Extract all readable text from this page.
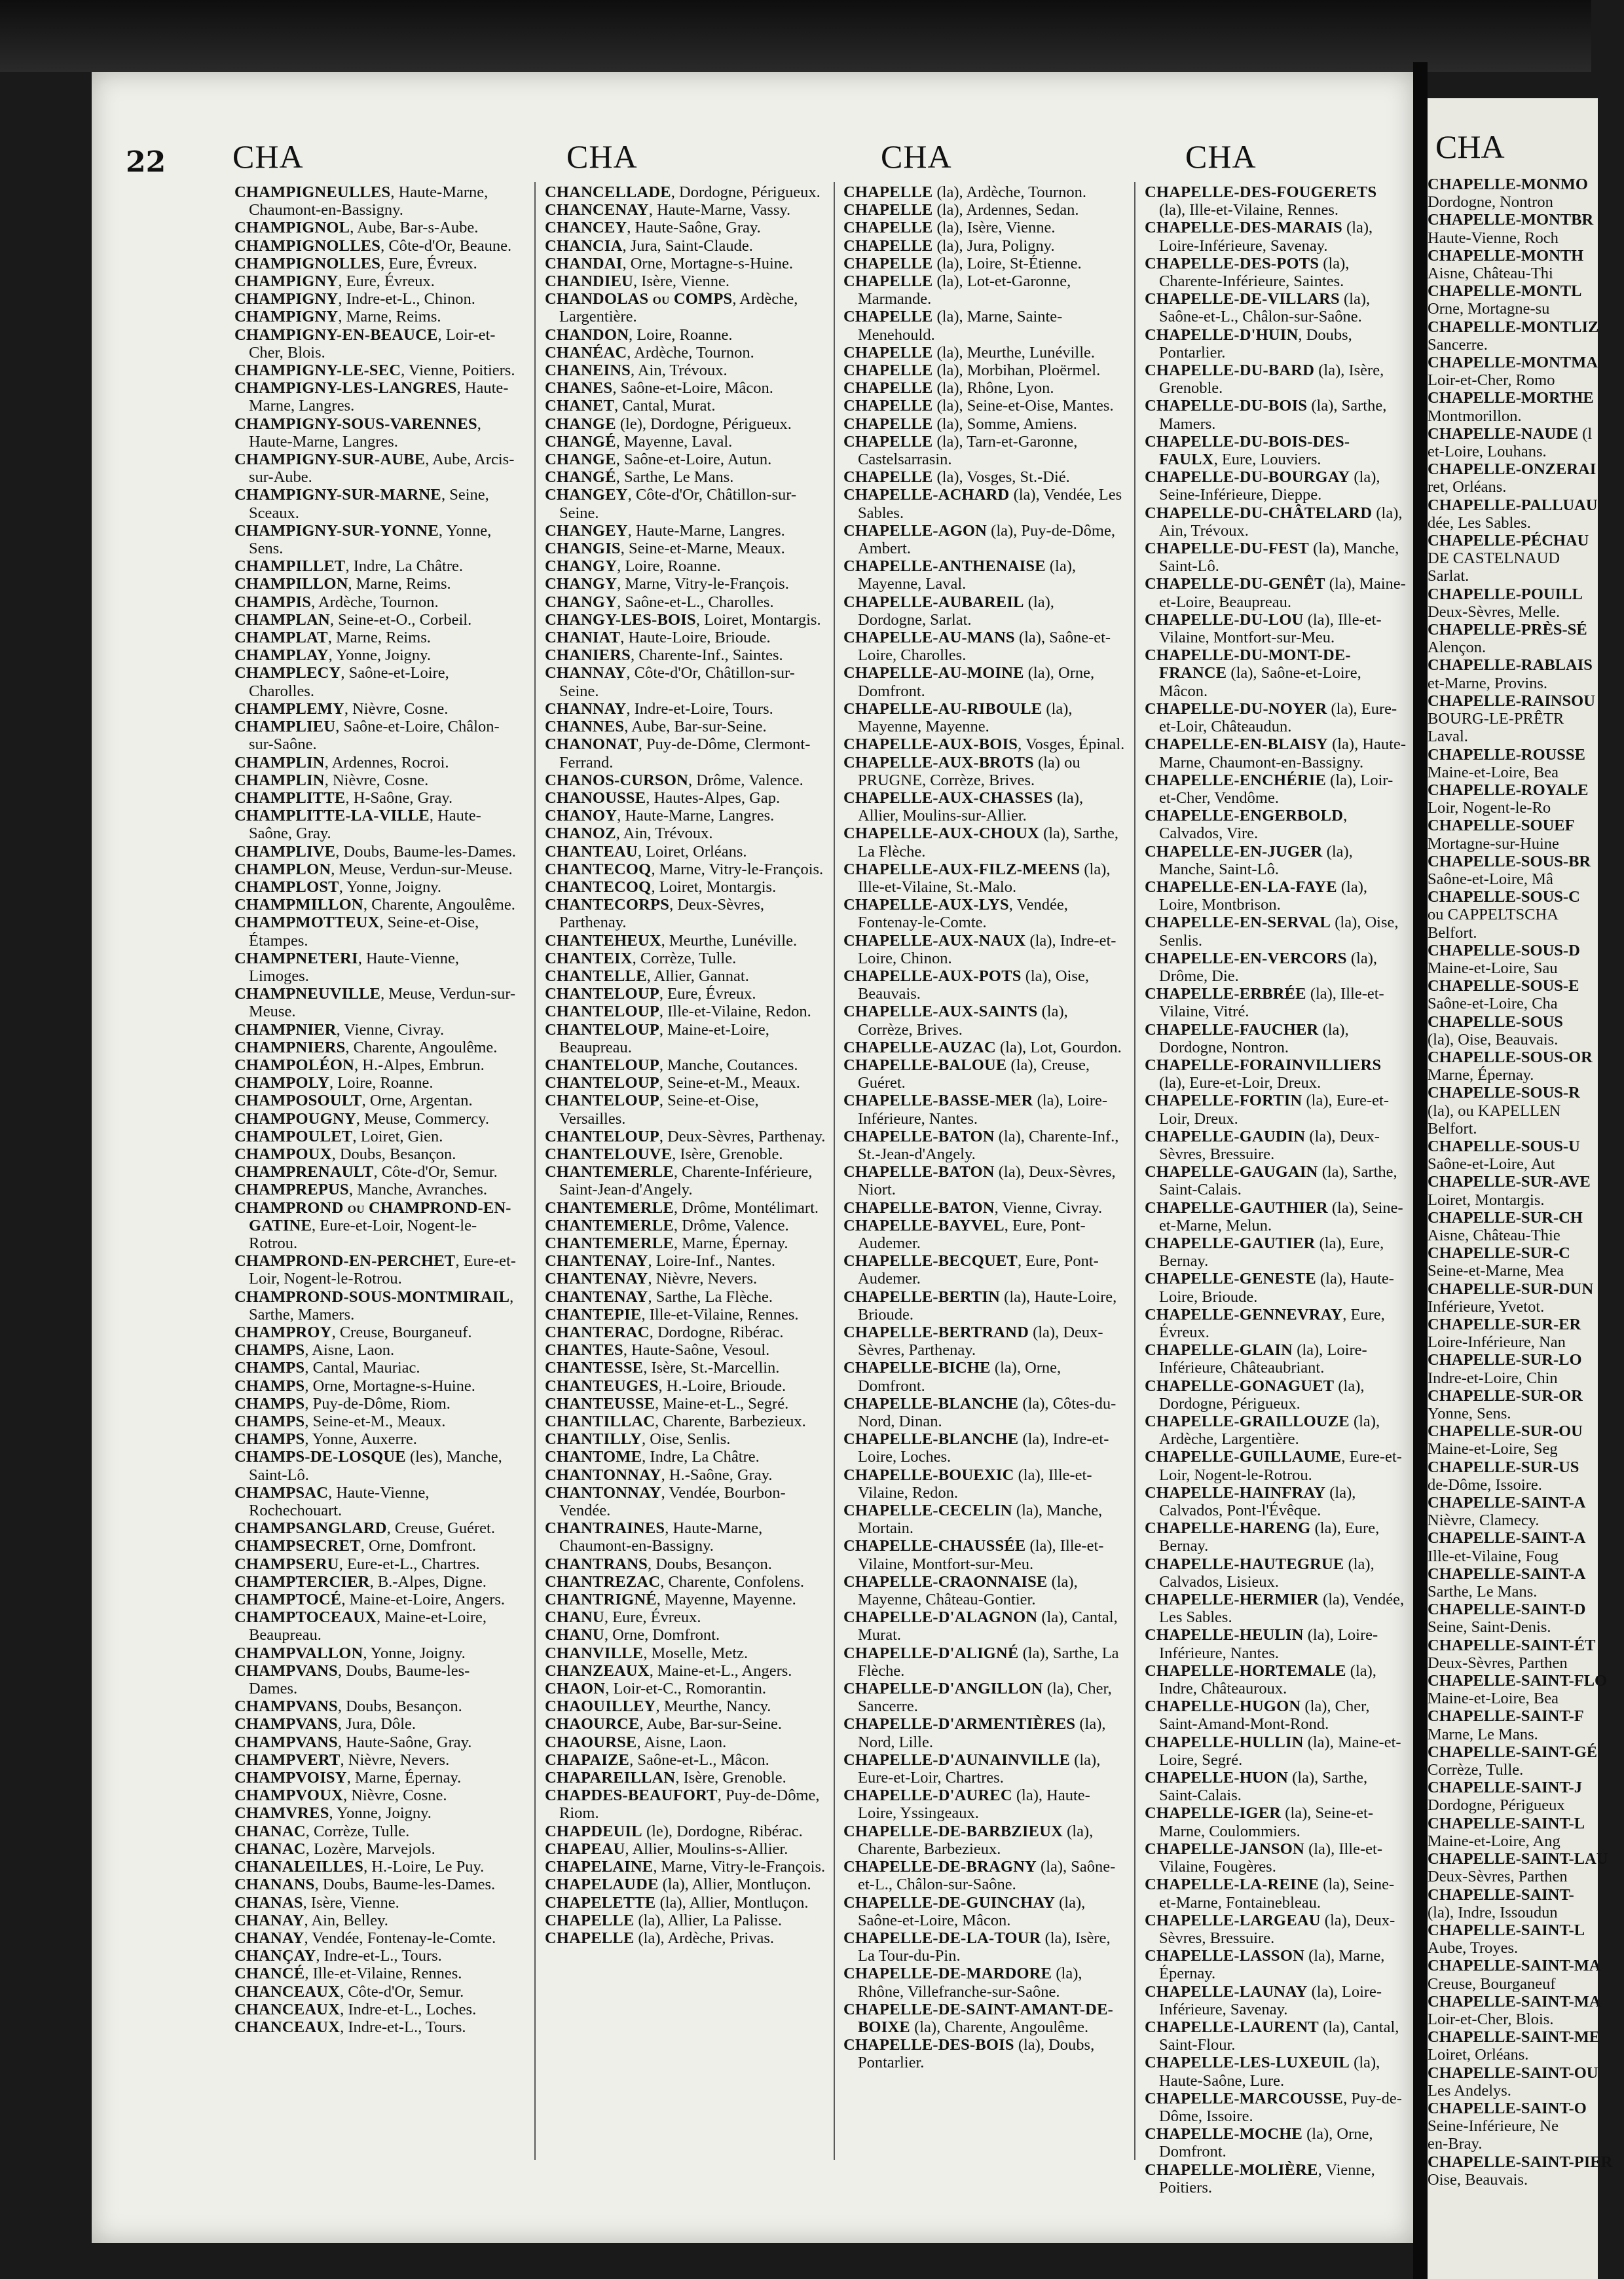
22 CHA	CHA	CHA	CHA

CHAMPIGNEULLES, Haute-Marne, Chaumont-en-Bassigny.

CHAMPIGNOL, Aube, Bar-s-Aube.

CHAMPIGNOLLES, Côte-d'Or, Beaune.

CHAMPIGNOLLES, Eure, Évreux.

CHAMPIGNY, Eure, Évreux.

CHAMPIGNY, Indre-et-L., Chinon.

CHAMPIGNY, Marne, Reims.

CHAMPIGNY-EN-BEAUCE, Loir-et-Cher, Blois.

CHAMPIGNY-LE-SEC, Vienne, Poitiers.

CHAMPIGNY-LES-LANGRES, Haute-Marne, Langres.

CHAMPIGNY-SOUS-VARENNES, Haute-Marne, Langres.

CHAMPIGNY-SUR-AUBE, Aube, Arcis-sur-Aube.

CHAMPIGNY-SUR-MARNE, Seine, Sceaux.

CHAMPIGNY-SUR-YONNE, Yonne, Sens.

CHAMPILLET, Indre, La Châtre.

CHAMPILLON, Marne, Reims.

CHAMPIS, Ardèche, Tournon.

CHAMPLAN, Seine-et-O., Corbeil.

CHAMPLAT, Marne, Reims.

CHAMPLAY, Yonne, Joigny.

CHAMPLECY, Saône-et-Loire, Charolles.

CHAMPLEMY, Nièvre, Cosne.

CHAMPLIEU, Saône-et-Loire, Châlon-sur-Saône.

CHAMPLIN, Ardennes, Rocroi.

CHAMPLIN, Nièvre, Cosne.

CHAMPLITTE, H-Saône, Gray.

CHAMPLITTE-LA-VILLE, Haute-Saône, Gray.

CHAMPLIVE, Doubs, Baume-les-Dames.

CHAMPLON, Meuse, Verdun-sur-Meuse.

CHAMPLOST, Yonne, Joigny.

CHAMPMILLON, Charente, Angoulême.

CHAMPMOTTEUX, Seine-et-Oise, Étampes.

CHAMPNETERI, Haute-Vienne, Limoges.

CHAMPNEUVILLE, Meuse, Verdun-sur-Meuse.

CHAMPNIER, Vienne, Civray.

CHAMPNIERS, Charente, Angoulême.

CHAMPOLÉON, H.-Alpes, Embrun.

CHAMPOLY, Loire, Roanne.

CHAMPOSOULT, Orne, Argentan.

CHAMPOUGNY, Meuse, Commercy.

CHAMPOULET, Loiret, Gien.

CHAMPOUX, Doubs, Besançon.

CHAMPRENAULT, Côte-d'Or, Semur.

CHAMPREPUS, Manche, Avranches.

CHAMPROND ou CHAMPROND-EN-GATINE, Eure-et-Loir, Nogent-le-Rotrou.

CHAMPROND-EN-PERCHET, Eure-et-Loir, Nogent-le-Rotrou.

CHAMPROND-SOUS-MONTMIRAIL, Sarthe, Mamers.

CHAMPROY, Creuse, Bourganeuf.

CHAMPS, Aisne, Laon.

CHAMPS, Cantal, Mauriac.

CHAMPS, Orne, Mortagne-s-Huine.

CHAMPS, Puy-de-Dôme, Riom.

CHAMPS, Seine-et-M., Meaux.

CHAMPS, Yonne, Auxerre.

CHAMPS-DE-LOSQUE (les), Manche, Saint-Lô.

CHAMPSAC, Haute-Vienne, Rochechouart.

CHAMPSANGLARD, Creuse, Guéret.

CHAMPSECRET, Orne, Domfront.

CHAMPSERU, Eure-et-L., Chartres.

CHAMPTERCIER, B.-Alpes, Digne.

CHAMPTOCÉ, Maine-et-Loire, Angers.

CHAMPTOCEAUX, Maine-et-Loire, Beaupreau.

CHAMPVALLON, Yonne, Joigny.

CHAMPVANS, Doubs, Baume-les-Dames.

CHAMPVANS, Doubs, Besançon.

CHAMPVANS, Jura, Dôle.

CHAMPVANS, Haute-Saône, Gray.

CHAMPVERT, Nièvre, Nevers.

CHAMPVOISY, Marne, Épernay.

CHAMPVOUX, Nièvre, Cosne.

CHAMVRES, Yonne, Joigny.

CHANAC, Corrèze, Tulle.

CHANAC, Lozère, Marvejols.

CHANALEILLES, H.-Loire, Le Puy.

CHANANS, Doubs, Baume-les-Dames.

CHANAS, Isère, Vienne.

CHANAY, Ain, Belley.

CHANAY, Vendée, Fontenay-le-Comte.

CHANÇAY, Indre-et-L., Tours.

CHANCÉ, Ille-et-Vilaine, Rennes.

CHANCEAUX, Côte-d'Or, Semur.

CHANCEAUX, Indre-et-L., Loches.

CHANCEAUX, Indre-et-L., Tours.

CHANCELLADE, Dordogne, Périgueux.

CHANCENAY, Haute-Marne, Vassy.

CHANCEY, Haute-Saône, Gray.

CHANCIA, Jura, Saint-Claude.

CHANDAI, Orne, Mortagne-s-Huine.

CHANDIEU, Isère, Vienne.

CHANDOLAS ou COMPS, Ardèche, Largentière.

CHANDON, Loire, Roanne.

CHANÉAC, Ardèche, Tournon.

CHANEINS, Ain, Trévoux.

CHANES, Saône-et-Loire, Mâcon.

CHANET, Cantal, Murat.

CHANGE (le), Dordogne, Périgueux.

CHANGÉ, Mayenne, Laval.

CHANGE, Saône-et-Loire, Autun.

CHANGÉ, Sarthe, Le Mans.

CHANGEY, Côte-d'Or, Châtillon-sur-Seine.

CHANGEY, Haute-Marne, Langres.

CHANGIS, Seine-et-Marne, Meaux.

CHANGY, Loire, Roanne.

CHANGY, Marne, Vitry-le-François.

CHANGY, Saône-et-L., Charolles.

CHANGY-LES-BOIS, Loiret, Montargis.

CHANIAT, Haute-Loire, Brioude.

CHANIERS, Charente-Inf., Saintes.

CHANNAY, Côte-d'Or, Châtillon-sur-Seine.

CHANNAY, Indre-et-Loire, Tours.

CHANNES, Aube, Bar-sur-Seine.

CHANONAT, Puy-de-Dôme, Clermont-Ferrand.

CHANOS-CURSON, Drôme, Valence.

CHANOUSSE, Hautes-Alpes, Gap.

CHANOY, Haute-Marne, Langres.

CHANOZ, Ain, Trévoux.

CHANTEAU, Loiret, Orléans.

CHANTECOQ, Marne, Vitry-le-François.

CHANTECOQ, Loiret, Montargis.

CHANTECORPS, Deux-Sèvres, Parthenay.

CHANTEHEUX, Meurthe, Lunéville.

CHANTEIX, Corrèze, Tulle.

CHANTELLE, Allier, Gannat.

CHANTELOUP, Eure, Évreux.

CHANTELOUP, Ille-et-Vilaine, Redon.

CHANTELOUP, Maine-et-Loire, Beaupreau.

CHANTELOUP, Manche, Coutances.

CHANTELOUP, Seine-et-M., Meaux.

CHANTELOUP, Seine-et-Oise, Versailles.

CHANTELOUP, Deux-Sèvres, Parthenay.

CHANTELOUVE, Isère, Grenoble.

CHANTEMERLE, Charente-Inférieure, Saint-Jean-d'Angely.

CHANTEMERLE, Drôme, Montélimart.

CHANTEMERLE, Drôme, Valence.

CHANTEMERLE, Marne, Épernay.

CHANTENAY, Loire-Inf., Nantes.

CHANTENAY, Nièvre, Nevers.

CHANTENAY, Sarthe, La Flèche.

CHANTEPIE, Ille-et-Vilaine, Rennes.

CHANTERAC, Dordogne, Ribérac.

CHANTES, Haute-Saône, Vesoul.

CHANTESSE, Isère, St.-Marcellin.

CHANTEUGES, H.-Loire, Brioude.

CHANTEUSSE, Maine-et-L., Segré.

CHANTILLAC, Charente, Barbezieux.

CHANTILLY, Oise, Senlis.

CHANTOME, Indre, La Châtre.

CHANTONNAY, H.-Saône, Gray.

CHANTONNAY, Vendée, Bourbon-Vendée.

CHANTRAINES, Haute-Marne, Chaumont-en-Bassigny.

CHANTRANS, Doubs, Besançon.

CHANTREZAC, Charente, Confolens.

CHANTRIGNÉ, Mayenne, Mayenne.

CHANU, Eure, Évreux.

CHANU, Orne, Domfront.

CHANVILLE, Moselle, Metz.

CHANZEAUX, Maine-et-L., Angers.

CHAON, Loir-et-C., Romorantin.

CHAOUILLEY, Meurthe, Nancy.

CHAOURCE, Aube, Bar-sur-Seine.

CHAOURSE, Aisne, Laon.

CHAPAIZE, Saône-et-L., Mâcon.

CHAPAREILLAN, Isère, Grenoble.

CHAPDES-BEAUFORT, Puy-de-Dôme, Riom.

CHAPDEUIL (le), Dordogne, Ribérac.

CHAPEAU, Allier, Moulins-s-Allier.

CHAPELAINE, Marne, Vitry-le-François.

CHAPELAUDE (la), Allier, Montluçon.

CHAPELETTE (la), Allier, Montluçon.

CHAPELLE (la), Allier, La Palisse.

CHAPELLE (la), Ardèche, Privas.

CHAPELLE (la), Ardèche, Tournon.

CHAPELLE (la), Ardennes, Sedan.

CHAPELLE (la), Isère, Vienne.

CHAPELLE (la), Jura, Poligny.

CHAPELLE (la), Loire, St-Étienne.

CHAPELLE (la), Lot-et-Garonne, Marmande.

CHAPELLE (la), Marne, Sainte-Menehould.

CHAPELLE (la), Meurthe, Lunéville.

CHAPELLE (la), Morbihan, Ploërmel.

CHAPELLE (la), Rhône, Lyon.

CHAPELLE (la), Seine-et-Oise, Mantes.

CHAPELLE (la), Somme, Amiens.

CHAPELLE (la), Tarn-et-Garonne, Castelsarrasin.

CHAPELLE (la), Vosges, St.-Dié.

CHAPELLE-ACHARD (la), Vendée, Les Sables.

CHAPELLE-AGON (la), Puy-de-Dôme, Ambert.

CHAPELLE-ANTHENAISE (la), Mayenne, Laval.

CHAPELLE-AUBAREIL (la), Dordogne, Sarlat.

CHAPELLE-AU-MANS (la), Saône-et-Loire, Charolles.

CHAPELLE-AU-MOINE (la), Orne, Domfront.

CHAPELLE-AU-RIBOULE (la), Mayenne, Mayenne.

CHAPELLE-AUX-BOIS, Vosges, Épinal.

CHAPELLE-AUX-BROTS (la) ou PRUGNE, Corrèze, Brives.

CHAPELLE-AUX-CHASSES (la), Allier, Moulins-sur-Allier.

CHAPELLE-AUX-CHOUX (la), Sarthe, La Flèche.

CHAPELLE-AUX-FILZ-MEENS (la), Ille-et-Vilaine, St.-Malo.

CHAPELLE-AUX-LYS, Vendée, Fontenay-le-Comte.

CHAPELLE-AUX-NAUX (la), Indre-et-Loire, Chinon.

CHAPELLE-AUX-POTS (la), Oise, Beauvais.

CHAPELLE-AUX-SAINTS (la), Corrèze, Brives.

CHAPELLE-AUZAC (la), Lot, Gourdon.

CHAPELLE-BALOUE (la), Creuse, Guéret.

CHAPELLE-BASSE-MER (la), Loire-Inférieure, Nantes.

CHAPELLE-BATON (la), Charente-Inf., St.-Jean-d'Angely.

CHAPELLE-BATON (la), Deux-Sèvres, Niort.

CHAPELLE-BATON, Vienne, Civray.

CHAPELLE-BAYVEL, Eure, Pont-Audemer.

CHAPELLE-BECQUET, Eure, Pont-Audemer.

CHAPELLE-BERTIN (la), Haute-Loire, Brioude.

CHAPELLE-BERTRAND (la), Deux-Sèvres, Parthenay.

CHAPELLE-BICHE (la), Orne, Domfront.

CHAPELLE-BLANCHE (la), Côtes-du-Nord, Dinan.

CHAPELLE-BLANCHE (la), Indre-et-Loire, Loches.

CHAPELLE-BOUEXIC (la), Ille-et-Vilaine, Redon.

CHAPELLE-CECELIN (la), Manche, Mortain.

CHAPELLE-CHAUSSÉE (la), Ille-et-Vilaine, Montfort-sur-Meu.

CHAPELLE-CRAONNAISE (la), Mayenne, Château-Gontier.

CHAPELLE-D'ALAGNON (la), Cantal, Murat.

CHAPELLE-D'ALIGNÉ (la), Sarthe, La Flèche.

CHAPELLE-D'ANGILLON (la), Cher, Sancerre.

CHAPELLE-D'ARMENTIÈRES (la), Nord, Lille.

CHAPELLE-D'AUNAINVILLE (la), Eure-et-Loir, Chartres.

CHAPELLE-D'AUREC (la), Haute-Loire, Yssingeaux.

CHAPELLE-DE-BARBZIEUX (la), Charente, Barbezieux.

CHAPELLE-DE-BRAGNY (la), Saône-et-L., Châlon-sur-Saône.

CHAPELLE-DE-GUINCHAY (la), Saône-et-Loire, Mâcon.

CHAPELLE-DE-LA-TOUR (la), Isère, La Tour-du-Pin.

CHAPELLE-DE-MARDORE (la), Rhône, Villefranche-sur-Saône.

CHAPELLE-DE-SAINT-AMANT-DE-BOIXE (la), Charente, Angoulême.

CHAPELLE-DES-BOIS (la), Doubs, Pontarlier.

CHAPELLE-DES-FOUGERETS (la), Ille-et-Vilaine, Rennes.

CHAPELLE-DES-MARAIS (la), Loire-Inférieure, Savenay.

CHAPELLE-DES-POTS (la), Charente-Inférieure, Saintes.

CHAPELLE-DE-VILLARS (la), Saône-et-L., Châlon-sur-Saône.

CHAPELLE-D'HUIN, Doubs, Pontarlier.

CHAPELLE-DU-BARD (la), Isère, Grenoble.

CHAPELLE-DU-BOIS (la), Sarthe, Mamers.

CHAPELLE-DU-BOIS-DES-FAULX, Eure, Louviers.

CHAPELLE-DU-BOURGAY (la), Seine-Inférieure, Dieppe.

CHAPELLE-DU-CHÂTELARD (la), Ain, Trévoux.

CHAPELLE-DU-FEST (la), Manche, Saint-Lô.

CHAPELLE-DU-GENÊT (la), Maine-et-Loire, Beaupreau.

CHAPELLE-DU-LOU (la), Ille-et-Vilaine, Montfort-sur-Meu.

CHAPELLE-DU-MONT-DE-FRANCE (la), Saône-et-Loire, Mâcon.

CHAPELLE-DU-NOYER (la), Eure-et-Loir, Châteaudun.

CHAPELLE-EN-BLAISY (la), Haute-Marne, Chaumont-en-Bassigny.

CHAPELLE-ENCHÉRIE (la), Loir-et-Cher, Vendôme.

CHAPELLE-ENGERBOLD, Calvados, Vire.

CHAPELLE-EN-JUGER (la), Manche, Saint-Lô.

CHAPELLE-EN-LA-FAYE (la), Loire, Montbrison.

CHAPELLE-EN-SERVAL (la), Oise, Senlis.

CHAPELLE-EN-VERCORS (la), Drôme, Die.

CHAPELLE-ERBRÉE (la), Ille-et-Vilaine, Vitré.

CHAPELLE-FAUCHER (la), Dordogne, Nontron.

CHAPELLE-FORAINVILLIERS (la), Eure-et-Loir, Dreux.

CHAPELLE-FORTIN (la), Eure-et-Loir, Dreux.

CHAPELLE-GAUDIN (la), Deux-Sèvres, Bressuire.

CHAPELLE-GAUGAIN (la), Sarthe, Saint-Calais.

CHAPELLE-GAUTHIER (la), Seine-et-Marne, Melun.

CHAPELLE-GAUTIER (la), Eure, Bernay.

CHAPELLE-GENESTE (la), Haute-Loire, Brioude.

CHAPELLE-GENNEVRAY, Eure, Évreux.

CHAPELLE-GLAIN (la), Loire-Inférieure, Châteaubriant.

CHAPELLE-GONAGUET (la), Dordogne, Périgueux.

CHAPELLE-GRAILLOUZE (la), Ardèche, Largentière.

CHAPELLE-GUILLAUME, Eure-et-Loir, Nogent-le-Rotrou.

CHAPELLE-HAINFRAY (la), Calvados, Pont-l'Évêque.

CHAPELLE-HARENG (la), Eure, Bernay.

CHAPELLE-HAUTEGRUE (la), Calvados, Lisieux.

CHAPELLE-HERMIER (la), Vendée, Les Sables.

CHAPELLE-HEULIN (la), Loire-Inférieure, Nantes.

CHAPELLE-HORTEMALE (la), Indre, Châteauroux.

CHAPELLE-HUGON (la), Cher, Saint-Amand-Mont-Rond.

CHAPELLE-HULLIN (la), Maine-et-Loire, Segré.

CHAPELLE-HUON (la), Sarthe, Saint-Calais.

CHAPELLE-IGER (la), Seine-et-Marne, Coulommiers.

CHAPELLE-JANSON (la), Ille-et-Vilaine, Fougères.

CHAPELLE-LA-REINE (la), Seine-et-Marne, Fontainebleau.

CHAPELLE-LARGEAU (la), Deux-Sèvres, Bressuire.

CHAPELLE-LASSON (la), Marne, Épernay.

CHAPELLE-LAUNAY (la), Loire-Inférieure, Savenay.

CHAPELLE-LAURENT (la), Cantal, Saint-Flour.

CHAPELLE-LES-LUXEUIL (la), Haute-Saône, Lure.

CHAPELLE-MARCOUSSE, Puy-de-Dôme, Issoire.

CHAPELLE-MOCHE (la), Orne, Domfront.

CHAPELLE-MOLIÈRE, Vienne, Poitiers.

CHA

CHAPELLE-MONMO

Dordogne, Nontron

CHAPELLE-MONTBR

Haute-Vienne, Roch

CHAPELLE-MONTH

Aisne, Château-Thi

CHAPELLE-MONTL

Orne, Mortagne-su

CHAPELLE-MONTLIZ

Sancerre.

CHAPELLE-MONTMA

Loir-et-Cher, Romo

CHAPELLE-MORTHE

Montmorillon.

CHAPELLE-NAUDE (l

et-Loire, Louhans.

CHAPELLE-ONZERAI

ret, Orléans.

CHAPELLE-PALLUAU

dée, Les Sables.

CHAPELLE-PÉCHAU

DE CASTELNAUD

Sarlat.

CHAPELLE-POUILL

Deux-Sèvres, Melle.

CHAPELLE-PRÈS-SÉ

Alençon.

CHAPELLE-RABLAIS

et-Marne, Provins.

CHAPELLE-RAINSOU

BOURG-LE-PRÊTR

Laval.

CHAPELLE-ROUSSE

Maine-et-Loire, Bea

CHAPELLE-ROYALE

Loir, Nogent-le-Ro

CHAPELLE-SOUEF

Mortagne-sur-Huine

CHAPELLE-SOUS-BR

Saône-et-Loire, Mâ

CHAPELLE-SOUS-C

ou CAPPELTSCHA

Belfort.

CHAPELLE-SOUS-D

Maine-et-Loire, Sau

CHAPELLE-SOUS-E

Saône-et-Loire, Cha

CHAPELLE-SOUS

(la), Oise, Beauvais.

CHAPELLE-SOUS-OR

Marne, Épernay.

CHAPELLE-SOUS-R

(la), ou KAPELLEN

Belfort.

CHAPELLE-SOUS-U

Saône-et-Loire, Aut

CHAPELLE-SUR-AVE

Loiret, Montargis.

CHAPELLE-SUR-CH

Aisne, Château-Thie

CHAPELLE-SUR-C

Seine-et-Marne, Mea

CHAPELLE-SUR-DUN

Inférieure, Yvetot.

CHAPELLE-SUR-ER

Loire-Inférieure, Nan

CHAPELLE-SUR-LO

Indre-et-Loire, Chin

CHAPELLE-SUR-OR

Yonne, Sens.

CHAPELLE-SUR-OU

Maine-et-Loire, Seg

CHAPELLE-SUR-US

de-Dôme, Issoire.

CHAPELLE-SAINT-A

Nièvre, Clamecy.

CHAPELLE-SAINT-A

Ille-et-Vilaine, Foug

CHAPELLE-SAINT-A

Sarthe, Le Mans.

CHAPELLE-SAINT-D

Seine, Saint-Denis.

CHAPELLE-SAINT-ÉT

Deux-Sèvres, Parthen

CHAPELLE-SAINT-FLO

Maine-et-Loire, Bea

CHAPELLE-SAINT-F

Marne, Le Mans.

CHAPELLE-SAINT-GÉ

Corrèze, Tulle.

CHAPELLE-SAINT-J

Dordogne, Périgueux

CHAPELLE-SAINT-L

Maine-et-Loire, Ang

CHAPELLE-SAINT-LAU

Deux-Sèvres, Parthen

CHAPELLE-SAINT-

(la), Indre, Issoudun

CHAPELLE-SAINT-L

Aube, Troyes.

CHAPELLE-SAINT-MA

Creuse, Bourganeuf

CHAPELLE-SAINT-MA

Loir-et-Cher, Blois.

CHAPELLE-SAINT-ME

Loiret, Orléans.

CHAPELLE-SAINT-OU

Les Andelys.

CHAPELLE-SAINT-O

Seine-Inférieure, Ne

en-Bray.

CHAPELLE-SAINT-PIER

Oise, Beauvais.
